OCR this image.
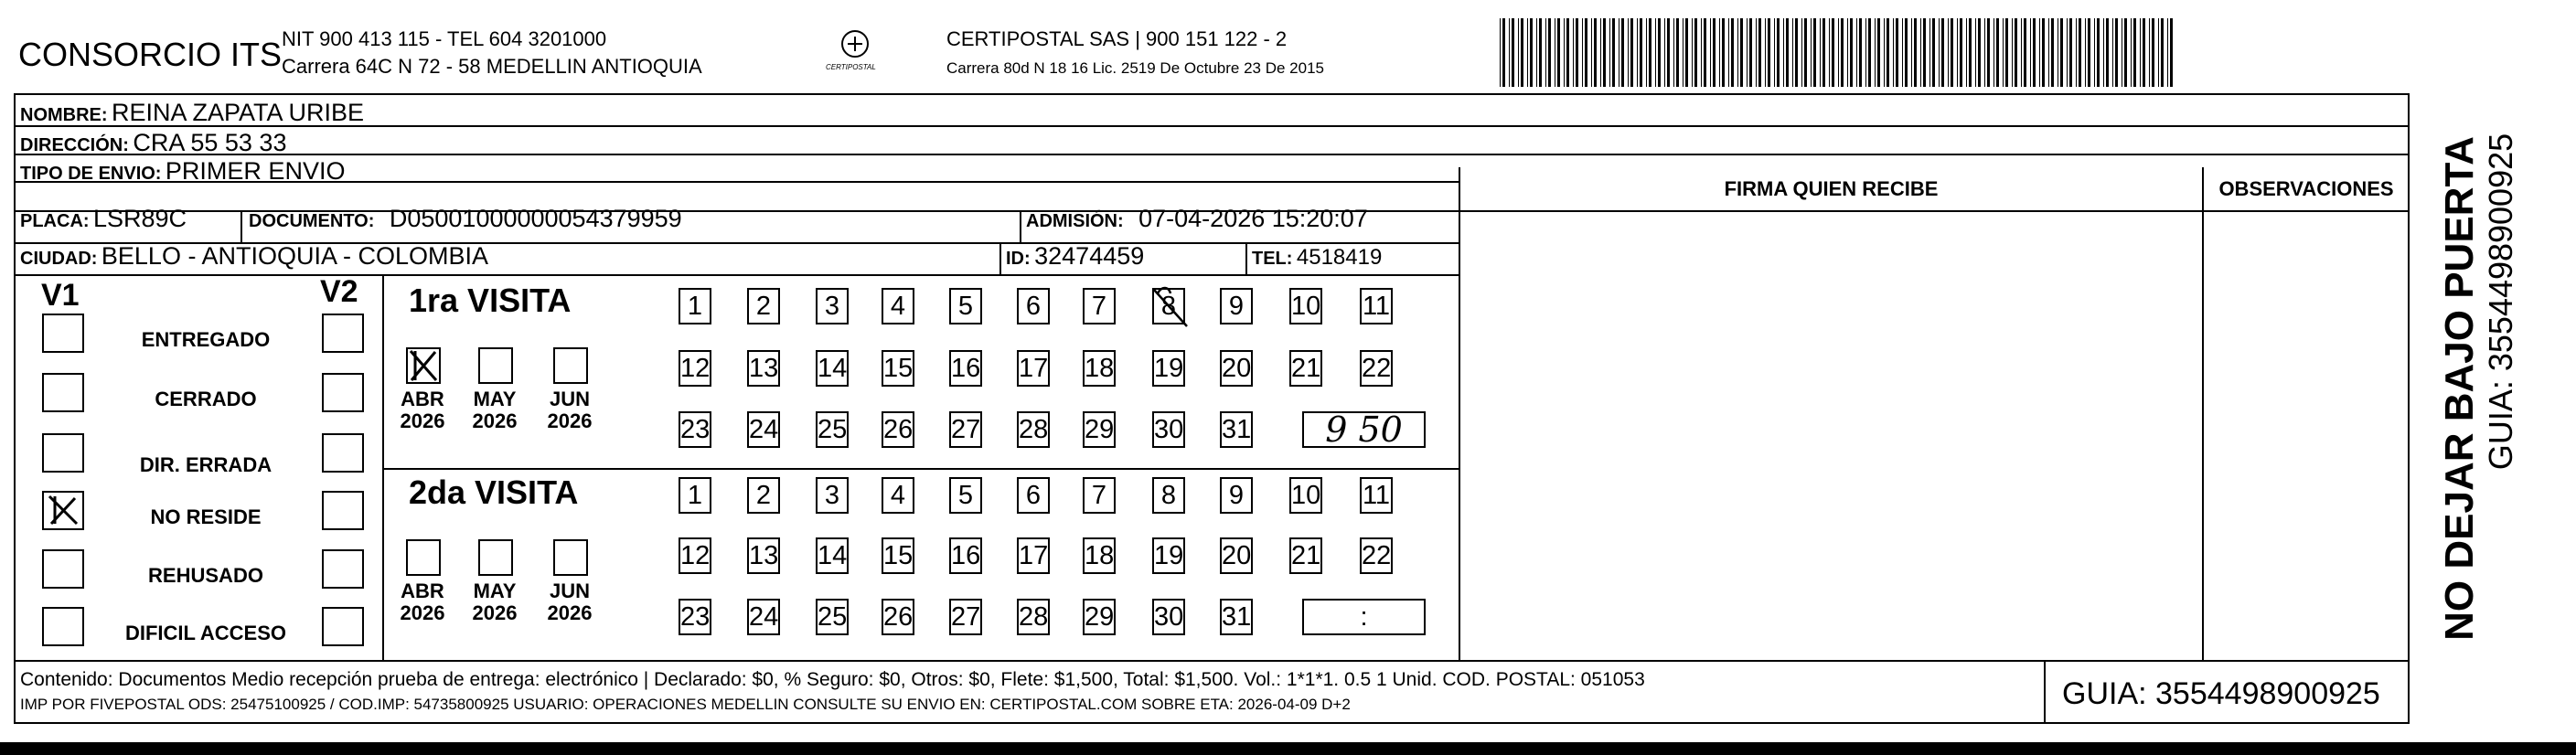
CONSORCIO ITS NIT 900 413 115 - TEL 604 3201000
Carrera 64C N 72 - 58 MEDELLIN ANTIOQUIA	CERTIPOSTAL
CERTIPOSTAL SAS | 900 151 122 - 2
Carrera 80d N 18 16 Lic. 2519 De Octubre 23 De 2015
NOMBRE: REINA ZAPATA URIBE
DIRECCIÓN: CRA 55 53 33
TIPO DE ENVIO: PRIMER ENVIO
FIRMA QUIEN RECIBE	OBSERVACIONES
PLACA: LSR89C	DOCUMENTO: D05001000000054379959	ADMISIÓN: 07-04-2026 15:20:07
CIUDAD: BELLO - ANTIOQUIA - COLOMBIA	ID: 32474459	TEL: 4518419
V1	V2
ENTREGADO
CERRADO
DIR. ERRADA
NO RESIDE
REHUSADO
DIFICIL ACCESO
1ra VISITA
2da VISITA
ABR
2026
MAY
2026
JUN
2026
ABR
2026
MAY
2026
JUN
2026
1	2	3	4	5	6	7	8	9	10 11
12 13 14 15 16 17 18 19 20 21 22
23 24 25 26 27 28 29 30 31	9 50
1	2	3	4	5	6	7	8	9	10 11
12 13 14 15 16 17 18 19 20 21 22
23 24 25 26 27 28 29 30 31	:
Contenido: Documentos Medio recepción prueba de entrega: electrónico | Declarado: $0, % Seguro: $0, Otros: $0, Flete: $1,500, Total: $1,500. Vol.: 1*1*1. 0.5 1 Unid. COD. POSTAL: 051053
IMP POR FIVEPOSTAL ODS: 25475100925 / COD.IMP: 54735800925 USUARIO: OPERACIONES MEDELLIN CONSULTE SU ENVIO EN: CERTIPOSTAL.COM SOBRE ETA: 2026-04-09 D+2	GUIA: 3554498900925
NO DEJAR BAJO PUERTA GUIA: 3554498900925
